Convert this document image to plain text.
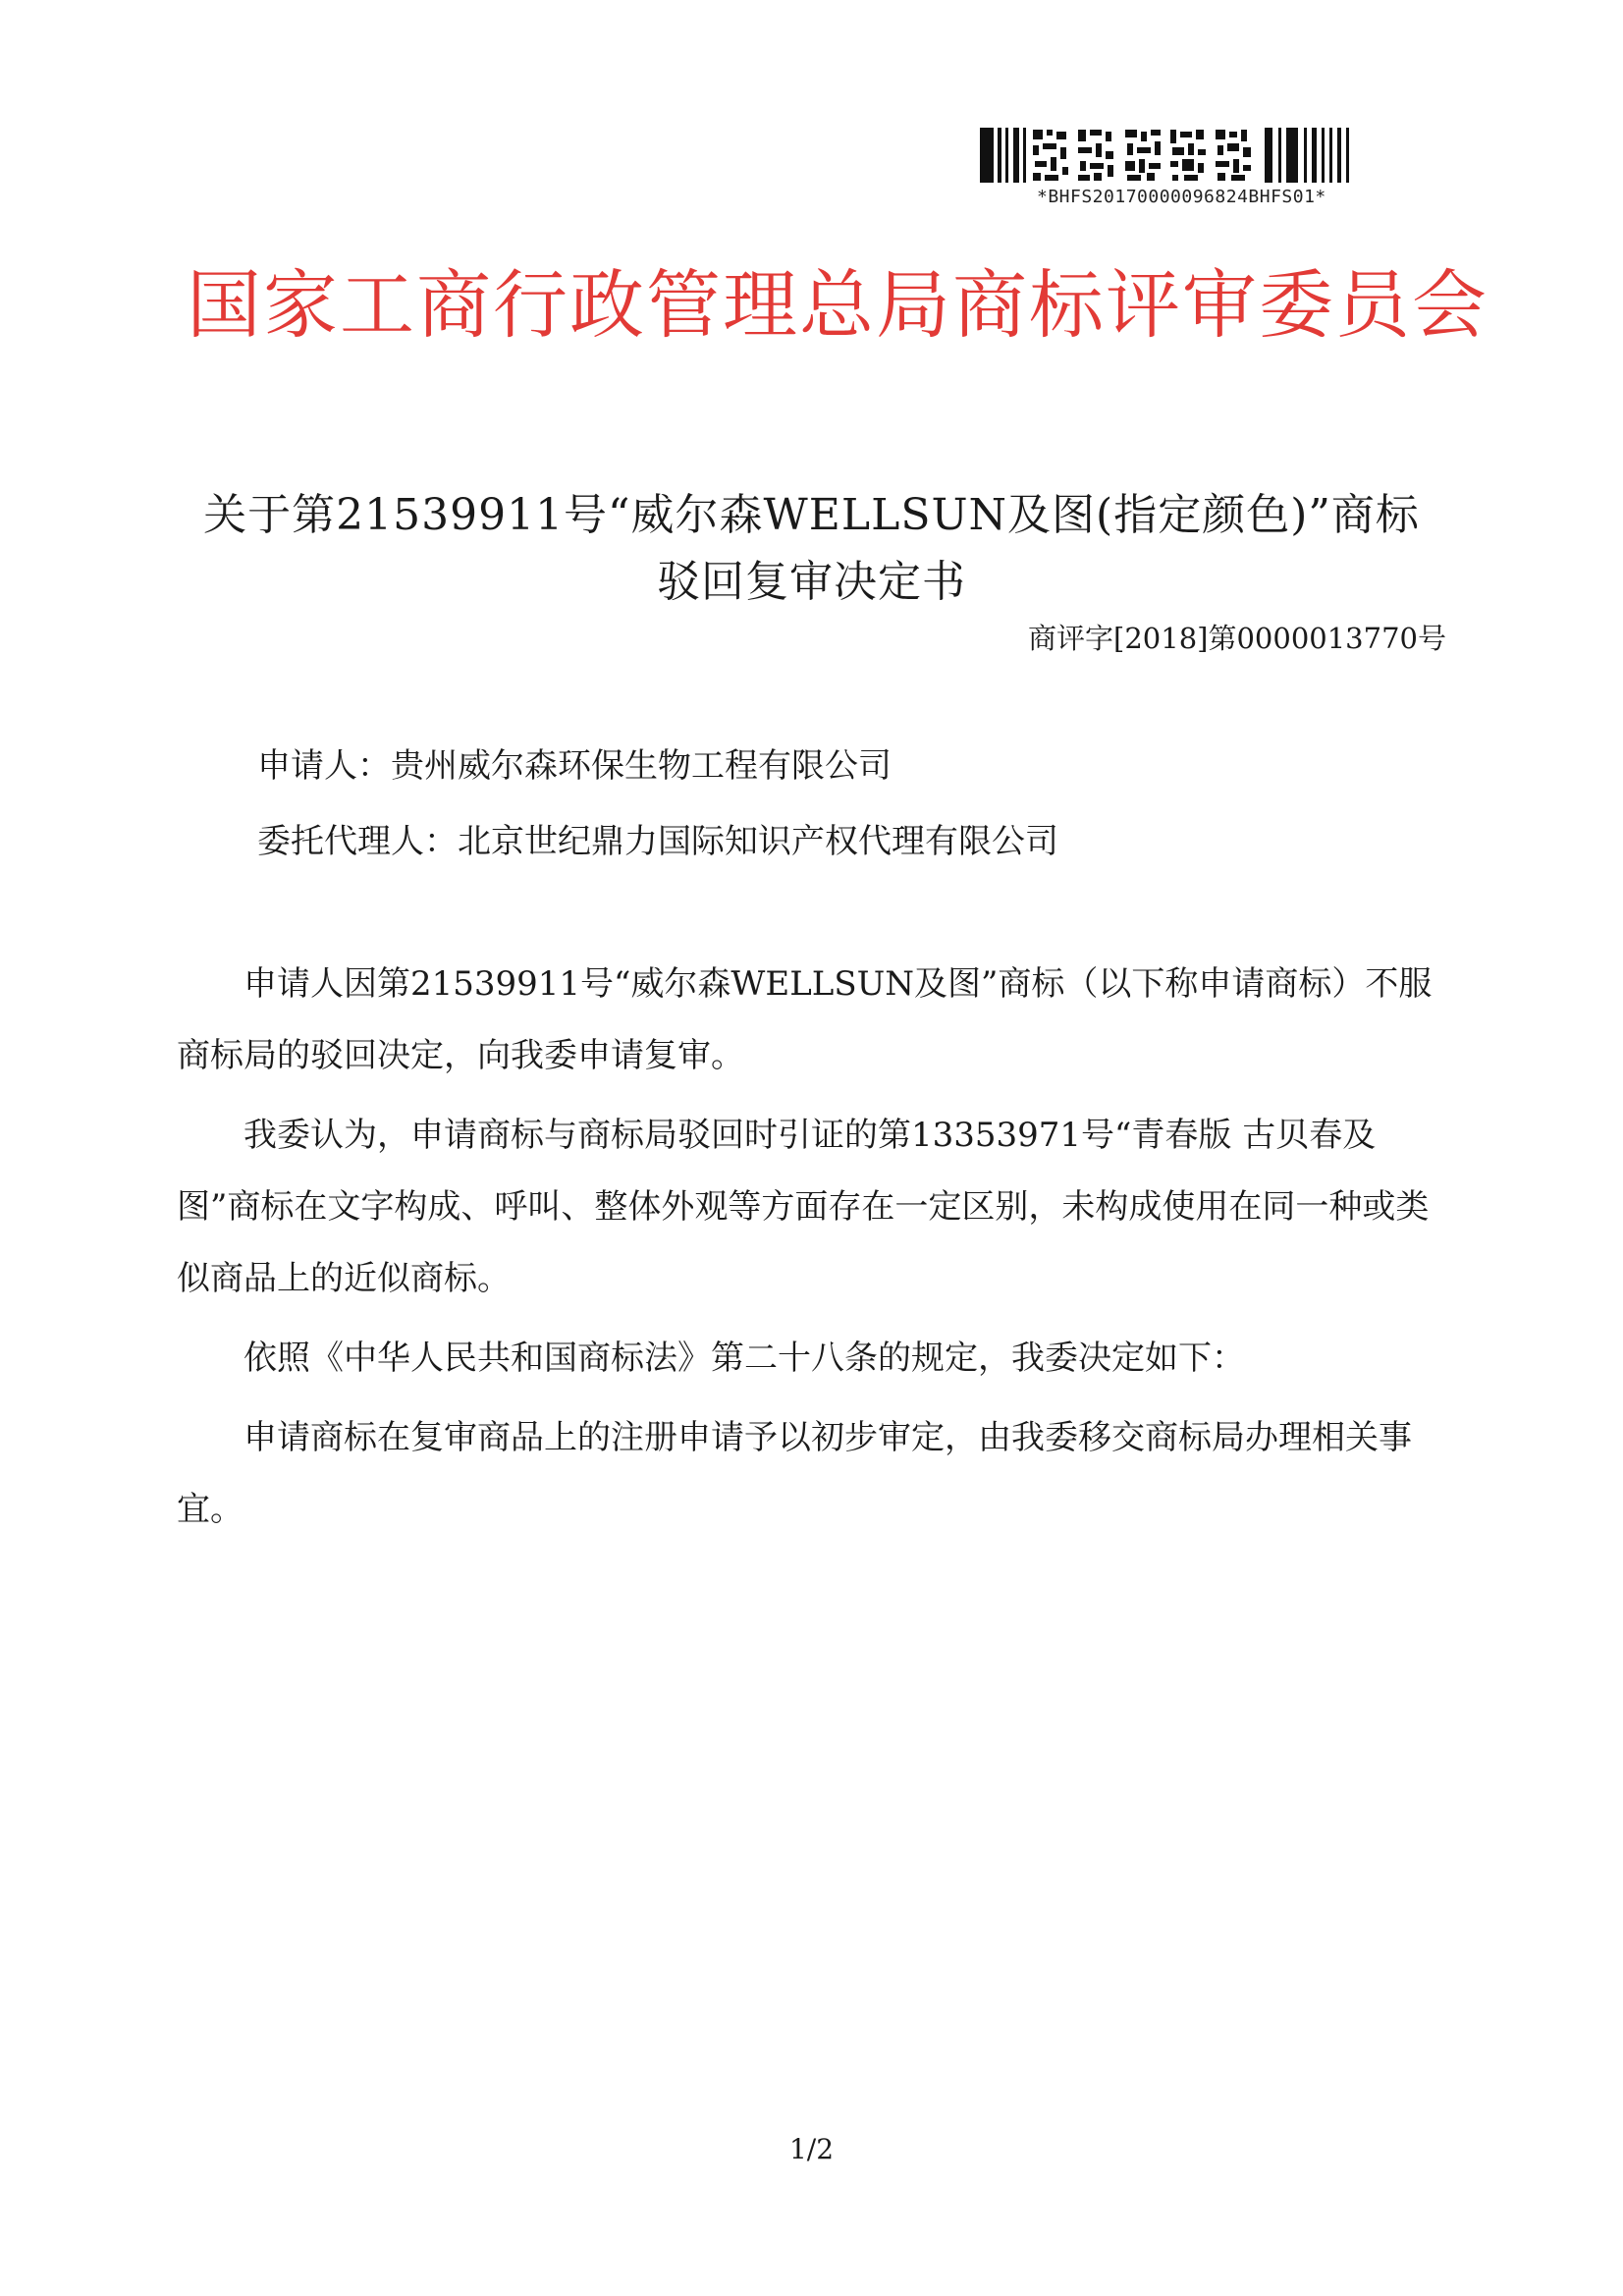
*BHFS20170000096824BHFS01*
国家工商行政管理总局商标评审委员会
关于第21539911号“威尔森WELLSUN及图(指定颜色)”商标
驳回复审决定书
商评字[2018]第0000013770号
申请人：贵州威尔森环保生物工程有限公司
委托代理人：北京世纪鼎力国际知识产权代理有限公司

申请人因第21539911号“威尔森WELLSUN及图”商标（以下称申请商标）不服商标局的驳回决定，向我委申请复审。

我委认为，申请商标与商标局驳回时引证的第13353971号“青春版 古贝春及图”商标在文字构成、呼叫、整体外观等方面存在一定区别，未构成使用在同一种或类似商品上的近似商标。

依照《中华人民共和国商标法》第二十八条的规定，我委决定如下：

申请商标在复审商品上的注册申请予以初步审定，由我委移交商标局办理相关事宜。

1/2
